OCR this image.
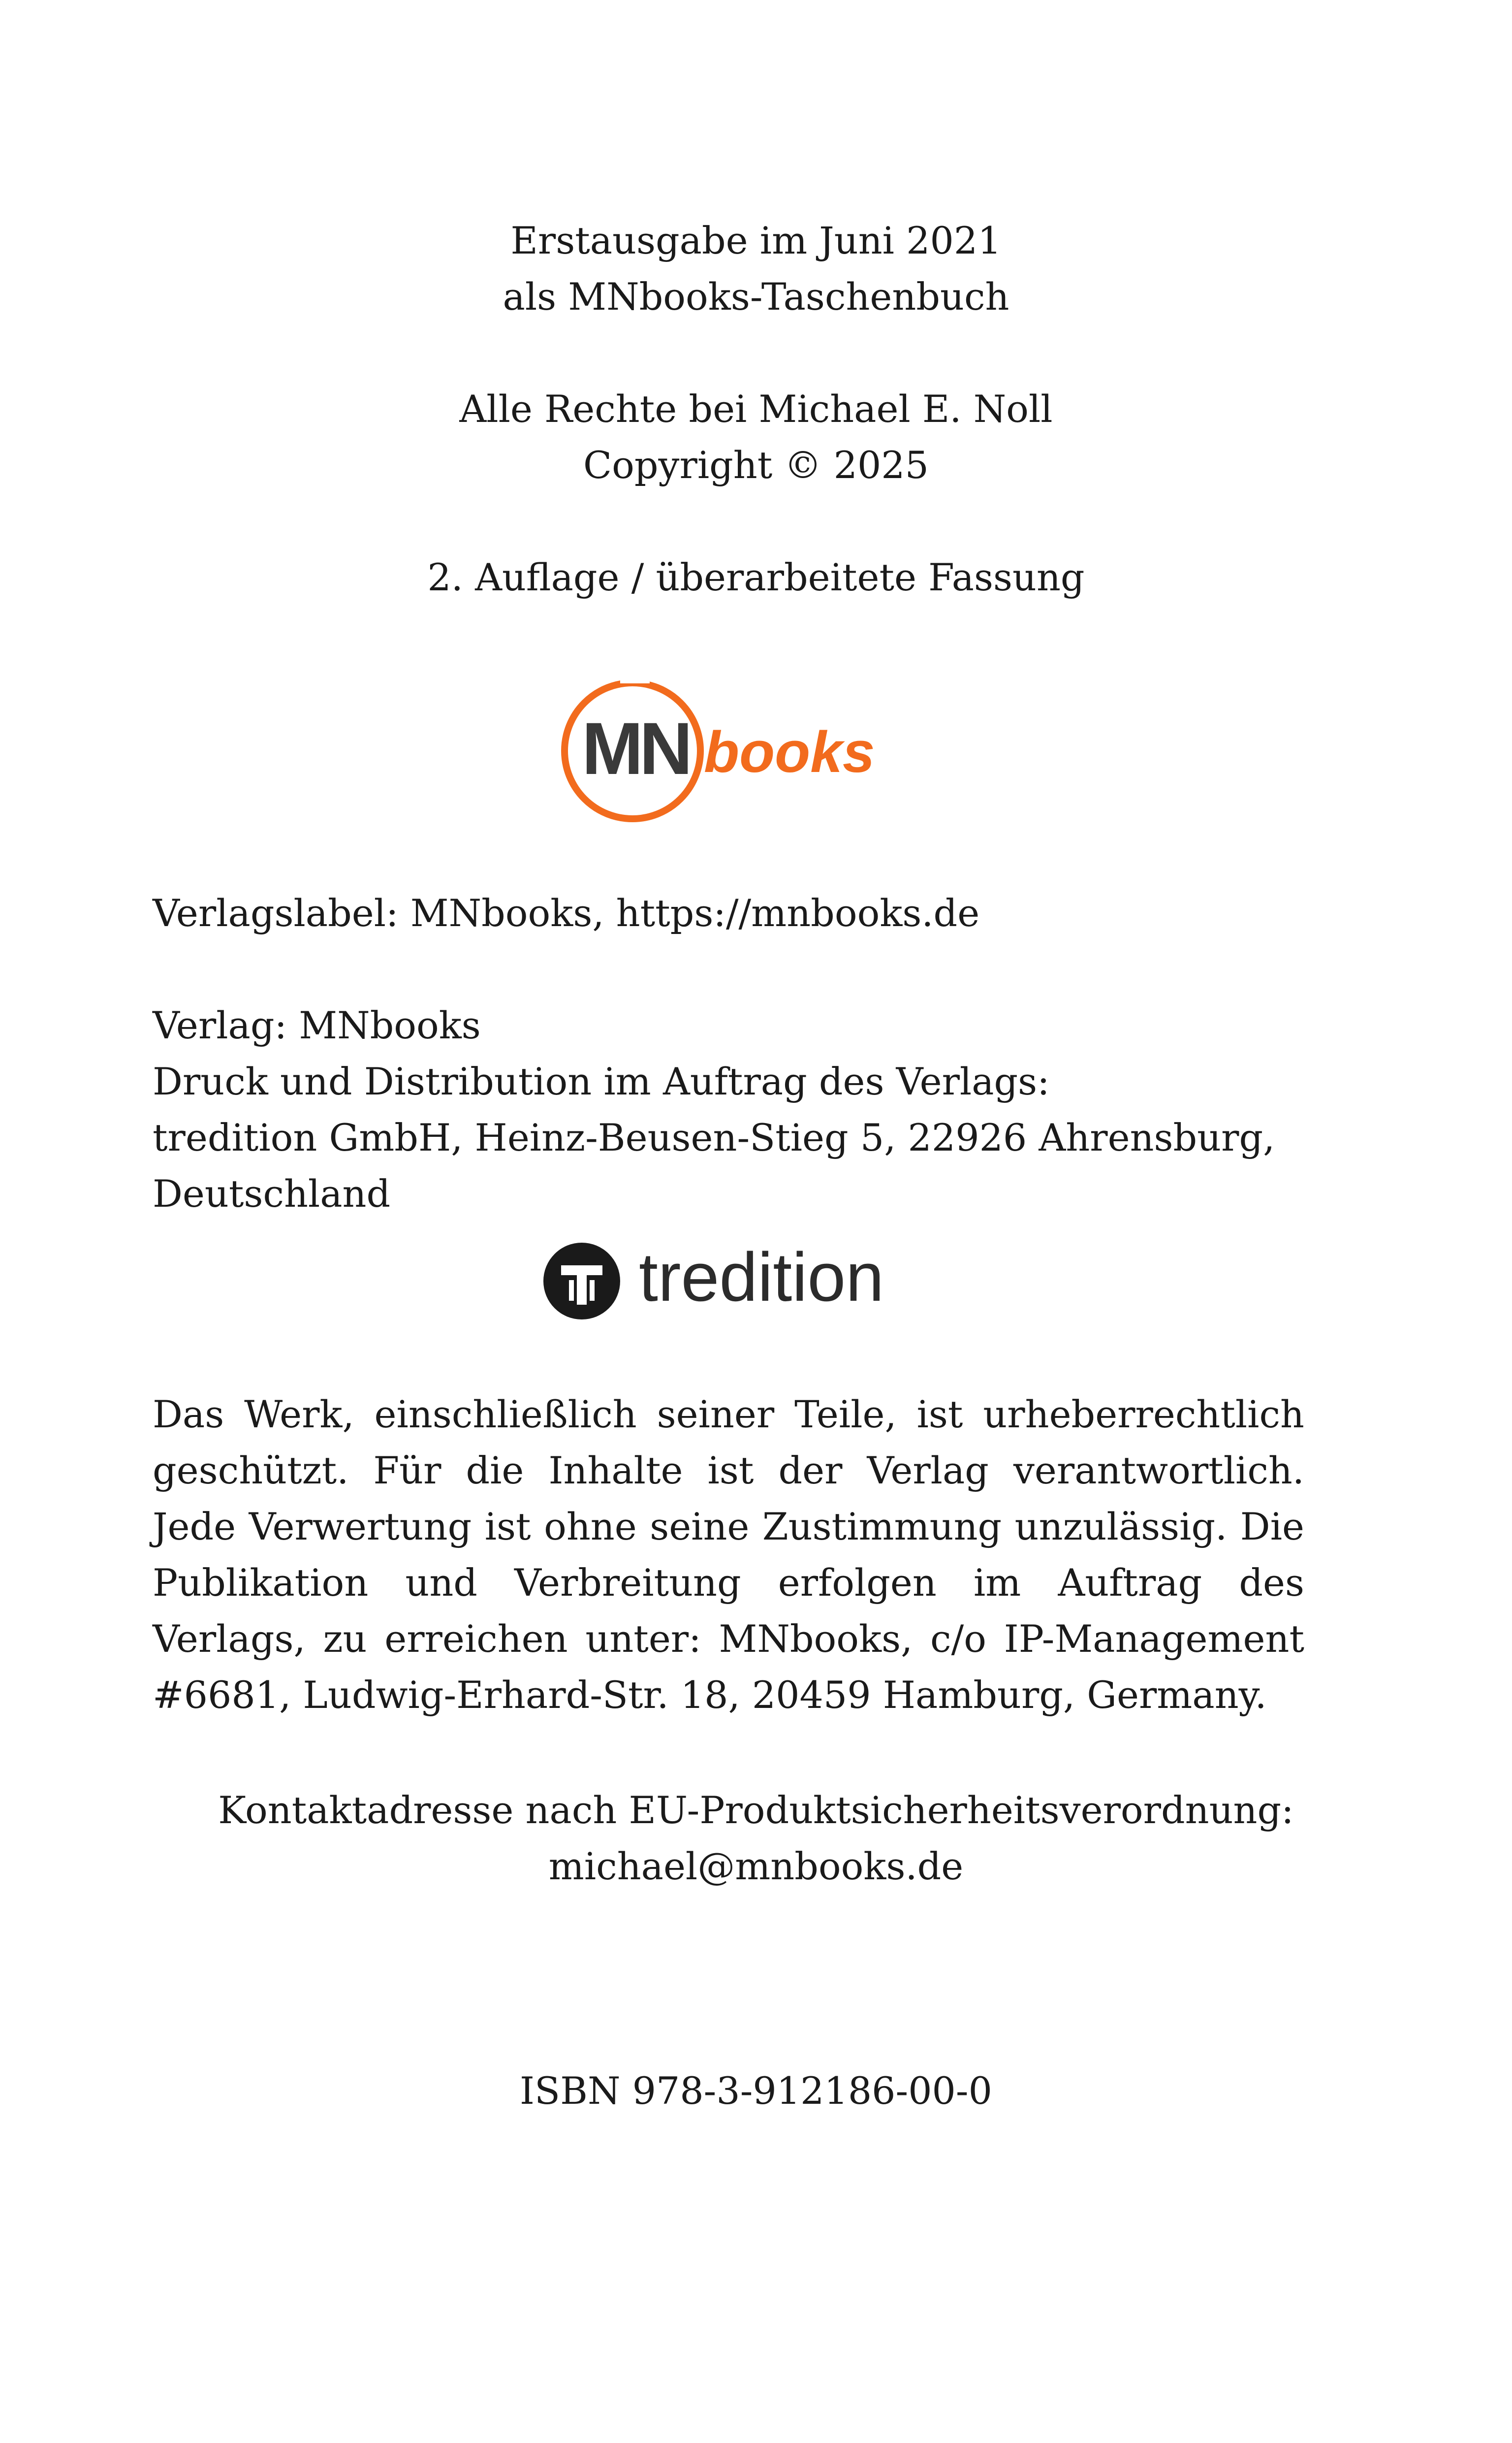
Erstausgabe im Juni 2021
als MNbooks-Taschenbuch
Alle Rechte bei Michael E. Noll
Copyright © 2025
2. Auflage / überarbeitete Fassung
MN books
Verlagslabel: MNbooks, https://mnbooks.de
Verlag: MNbooks
Druck und Distribution im Auftrag des Verlags:
tredition GmbH, Heinz-Beusen-Stieg 5, 22926 Ahrensburg,
Deutschland
tredition
Das Werk, einschließlich seiner Teile, ist urheberrechtlich geschützt. Für die Inhalte ist der Verlag verantwortlich. Jede Verwertung ist ohne seine Zustimmung unzulässig. Die Publikation und Verbreitung erfolgen im Auftrag des Verlags, zu erreichen unter: MNbooks, c/o IP-Management #6681, Ludwig-Erhard-Str. 18, 20459 Hamburg, Germany.
Kontaktadresse nach EU-Produktsicherheitsverordnung:
michael@mnbooks.de
ISBN 978-3-912186-00-0
